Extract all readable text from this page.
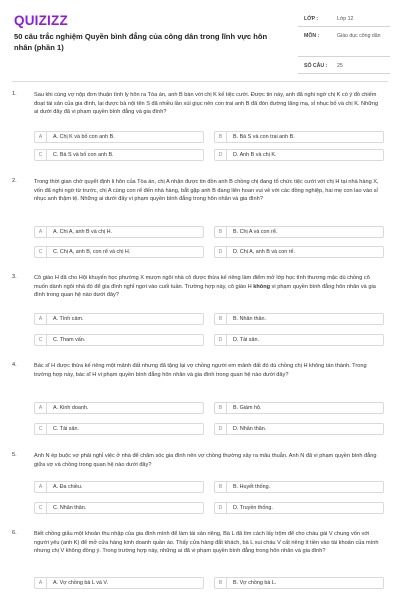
QUIZIZZ
50 câu trắc nghiệm Quyền bình đẳng của công dân trong lĩnh vực hôn nhân (phần 1)
LỚP :	Lớp 12
MÔN :	Giáo dục công dân
SỐ CÂU : 25
1.	Sau khi cùng vợ nộp đơn thuận tình ly hôn ra Tòa án, anh B bàn với chị K kế tiệc cưới. Được tin này, anh đã nghi ngờ chị K có ý đồ chiếm đoạt tài sản của gia đình, lại được bà nội tên S đã nhiều lần xúi giục nên con trai anh B đã đón đường lăng mạ, sỉ nhục bố và chị K. Những ai dưới đây đã vi phạm quyền bình đẳng và gia đình?
A	A. Chị K và bố con anh B.	B	B. Bà S và con trai anh B.
C	C. Bà S và bố con anh B.	D	D. Anh B và chị K.
2.	Trong thời gian chờ quyết định li hôn của Tòa án, chị A nhận được tin đồn anh B chồng chị đang tổ chức tiệc cưới với chị H tại nhà hàng X, vốn đã nghi ngờ từ trước, chị A cùng con rể đến nhà hàng, bắt gặp anh B đang liên hoan vui vẻ với các đồng nghiệp, hai mẹ con lao vào sỉ nhục anh thậm tệ. Những ai dưới đây vi phạm quyền bình đẳng trong hôn nhân và gia đình?
A	A. Chị A, anh B và chị H.	B	B. Chị A và con rể.
C	C. Chị A, anh B, con rể và chị H.	D	D. Chị A, anh B và con rể.
3.	Cô giáo H đã cho Hội khuyến học phường X mượn ngôi nhà cô được thừa kế riêng làm điểm mở lớp học tình thương mặc dù chồng cô muốn dành ngôi nhà đó để gia đình nghỉ ngơi vào cuối tuần. Trường hợp này, cô giáo H không vi phạm quyền bình đẳng hôn nhân và gia đình trong quan hệ nào dưới đây?
A	A. Tình cảm.	B	B. Nhân thân.
C	C. Tham vấn.	D	D. Tài sản.
4.	Bác sĩ H được thừa kế riêng một mảnh đất nhưng đã tặng lại vợ chồng người em mảnh đất đó dù chồng chị H không tán thành. Trong trường hợp này, bác sĩ H vi phạm quyền bình đẳng hôn nhân và gia đình trong quan hệ nào dưới đây?
A	A. Kinh doanh.	B	B. Giám hộ.
C	C. Tài sản.	D	D. Nhân thân.
5.	Anh N ép buộc vợ phải nghỉ việc ở nhà để chăm sóc gia đình nên vợ chồng thường xảy ra mâu thuẫn. Anh N đã vi phạm quyền bình đẳng giữa vợ và chồng trong quan hệ nào dưới đây?
A	A. Đa chiều.	B	B. Huyết thống.
C	C. Nhân thân.	D	D. Truyền thống.
6.	Biết chồng giấu một khoản thu nhập của gia đình mình để làm tài sản riêng, Bà L đã tìm cách lấy trộm để cho cháu gái V chung vốn với người yêu (anh K) để mở cửa hàng kinh doanh quần áo. Thấy cửa hàng đắt khách, bà L xui cháu V cất riêng ít tiền vào tài khoản của mình nhưng chị V không đồng ý. Trong trường hợp này, những ai đã vi phạm quyền bình đẳng trong hôn nhân và gia đình?
A	A. Vợ chồng bà L và V.	B	B. Vợ chồng bà L.
